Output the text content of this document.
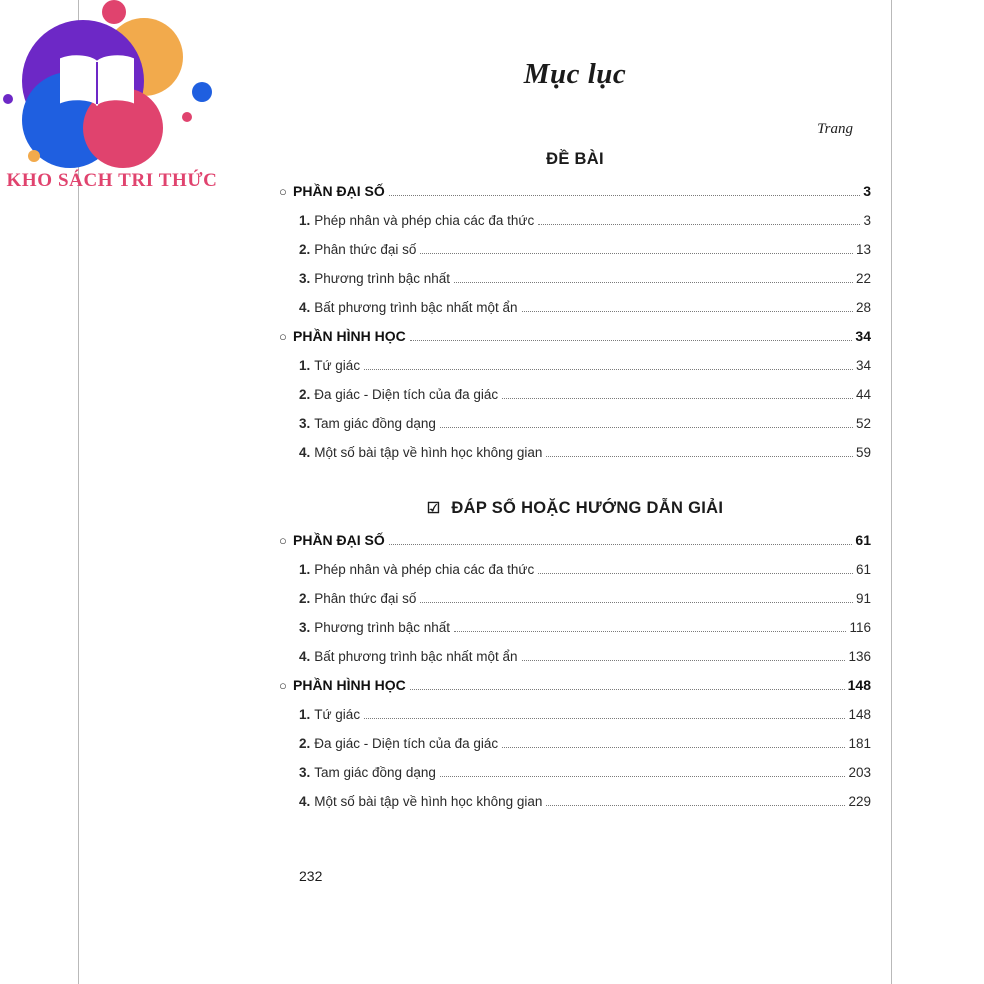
Mục lục
Trang
ĐỀ BÀI
○ PHẦN ĐẠI SỐ	3
1. Phép nhân và phép chia các đa thức	3
2. Phân thức đại số	13
3. Phương trình bậc nhất	22
4. Bất phương trình bậc nhất một ẩn	28
○ PHẦN HÌNH HỌC	34
1. Tứ giác	34
2. Đa giác - Diện tích của đa giác	44
3. Tam giác đồng dạng	52
4. Một số bài tập về hình học không gian	59
☑ ĐÁP SỐ HOẶC HƯỚNG DẪN GIẢI
○ PHẦN ĐẠI SỐ	61
1. Phép nhân và phép chia các đa thức	61
2. Phân thức đại số	91
3. Phương trình bậc nhất	116
4. Bất phương trình bậc nhất một ẩn	136
○ PHẦN HÌNH HỌC	148
1. Tứ giác	148
2. Đa giác - Diện tích của đa giác	181
3. Tam giác đồng dạng	203
4. Một số bài tập về hình học không gian	229
232
KHO SÁCH TRI THỨC
